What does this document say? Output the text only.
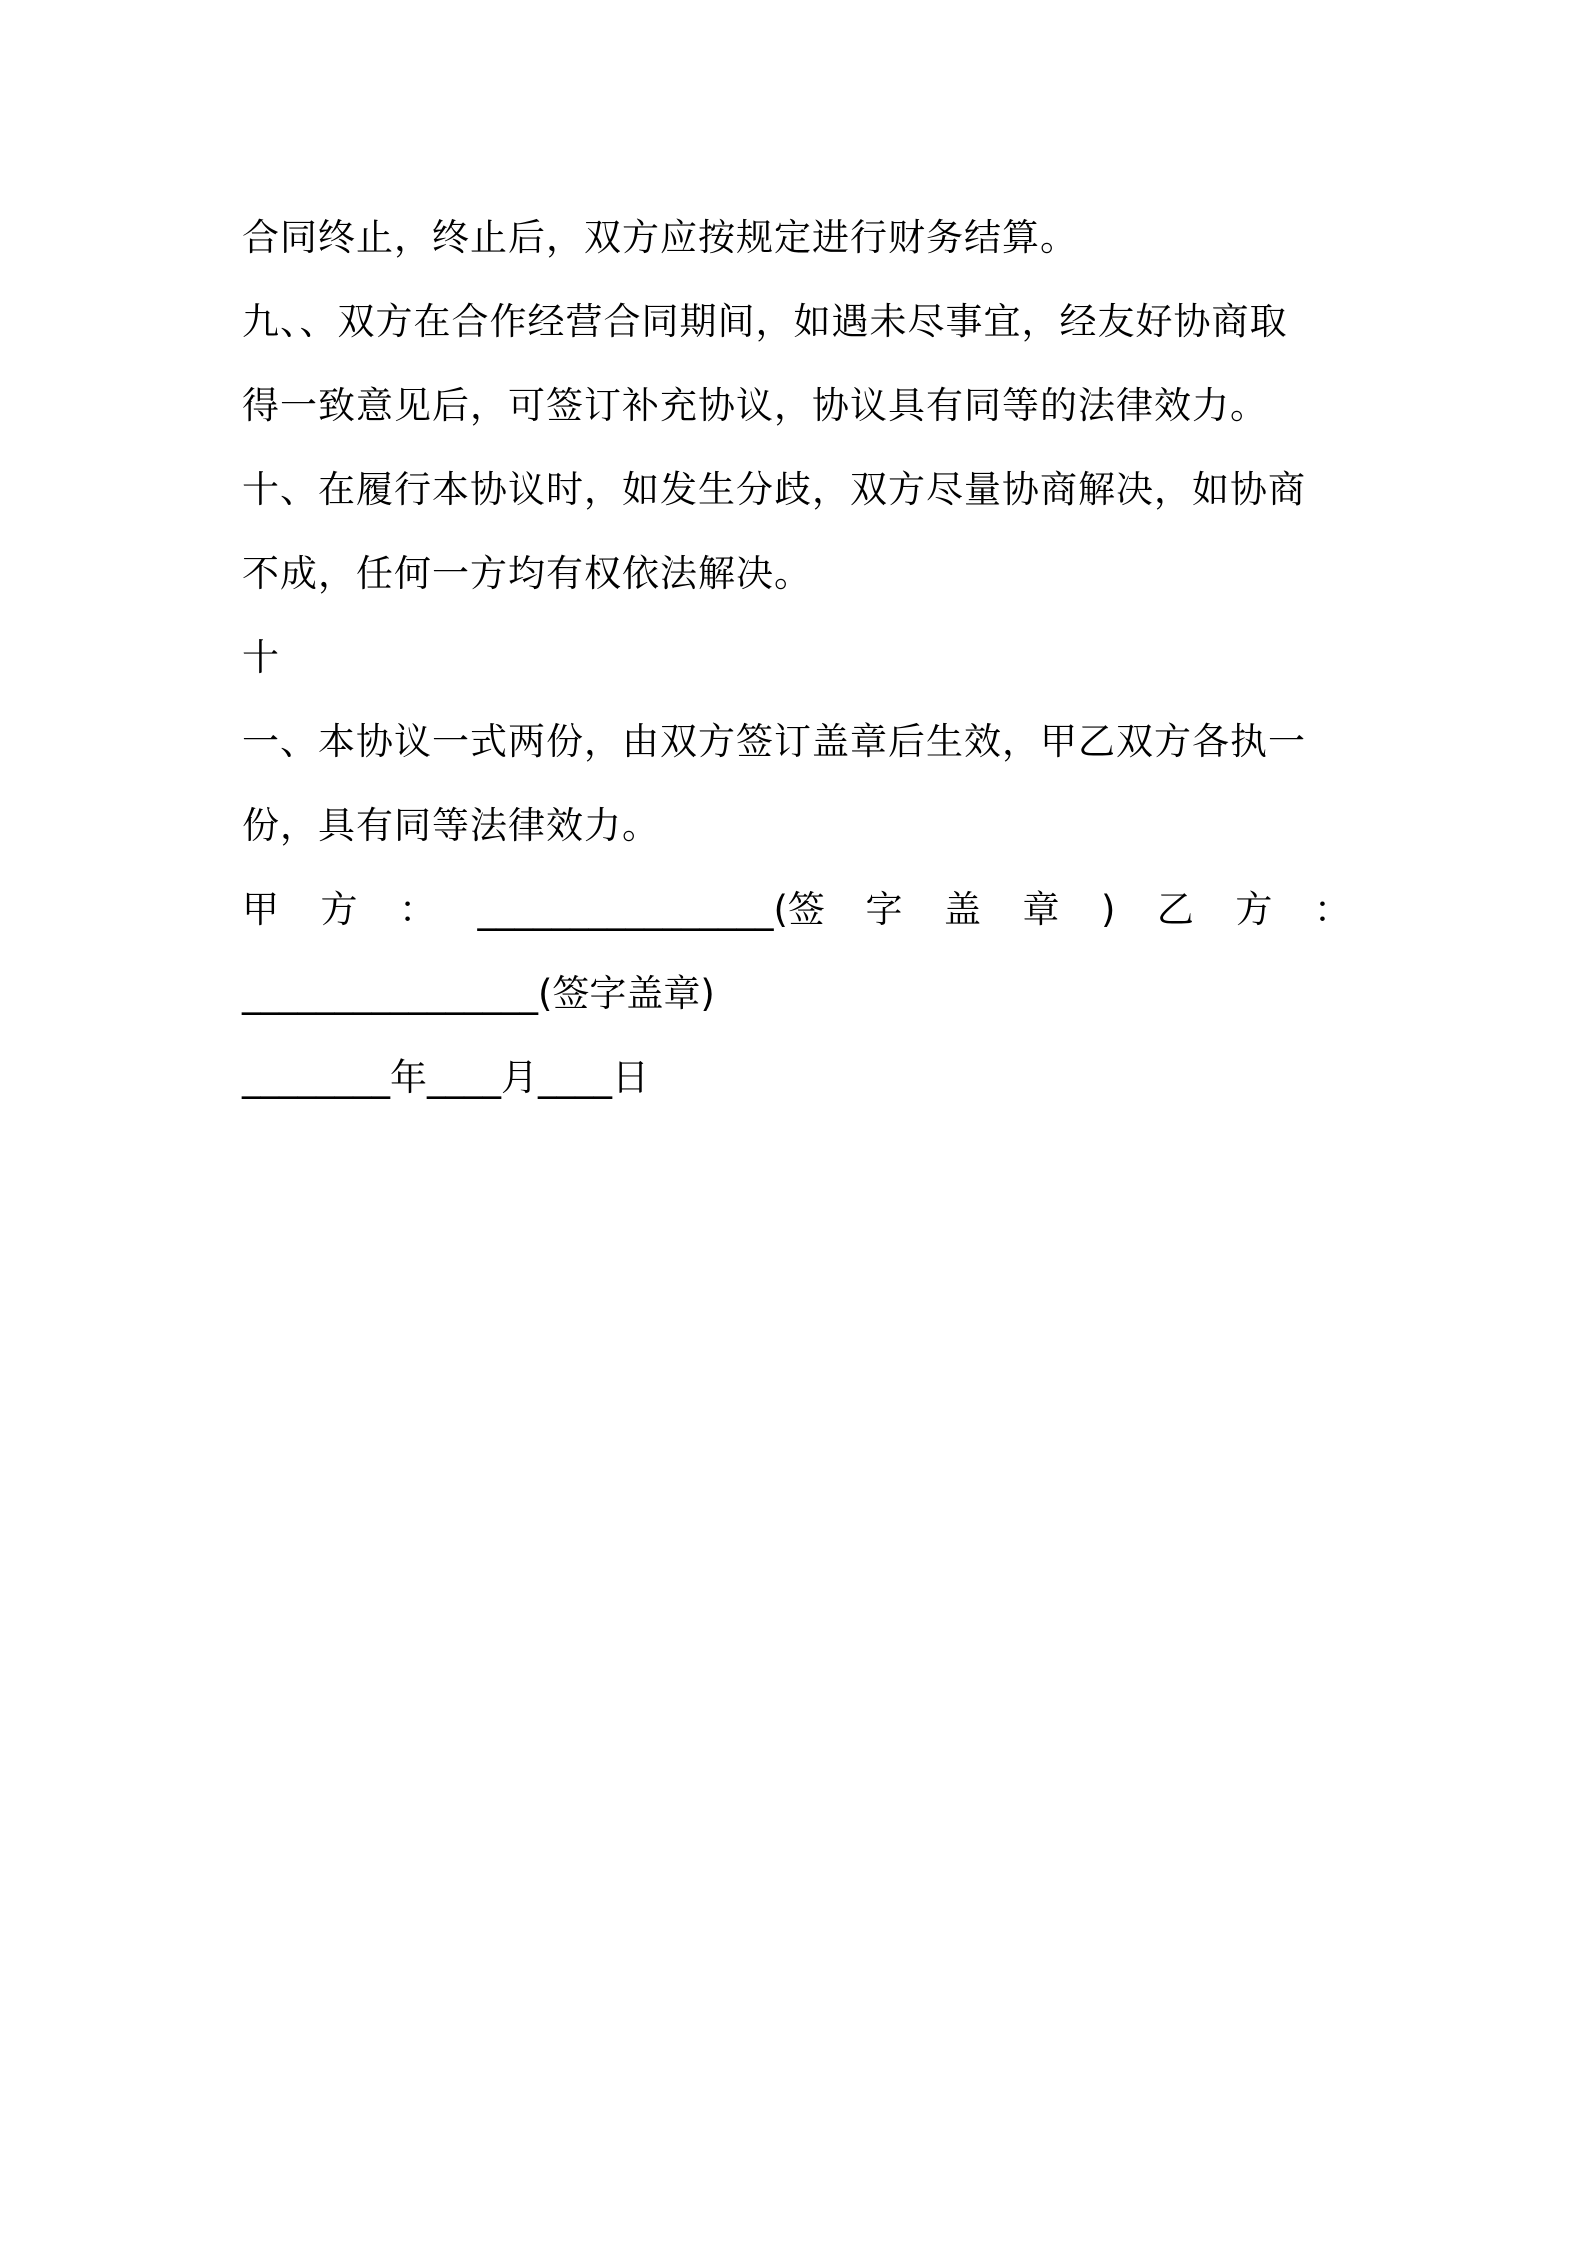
合同终止，终止后，双方应按规定进行财务结算。
九、、双方在合作经营合同期间，如遇未尽事宜，经友好协商取
得一致意见后，可签订补充协议，协议具有同等的法律效力。
十、在履行本协议时，如发生分歧，双方尽量协商解决，如协商
不成，任何一方均有权依法解决。
十
一、本协议一式两份，由双方签订盖章后生效，甲乙双方各执一
份，具有同等法律效力。
甲 方 ： ________________(签 字 盖 章 ) 乙 方 ：
________________(签字盖章)
________年____月____日
